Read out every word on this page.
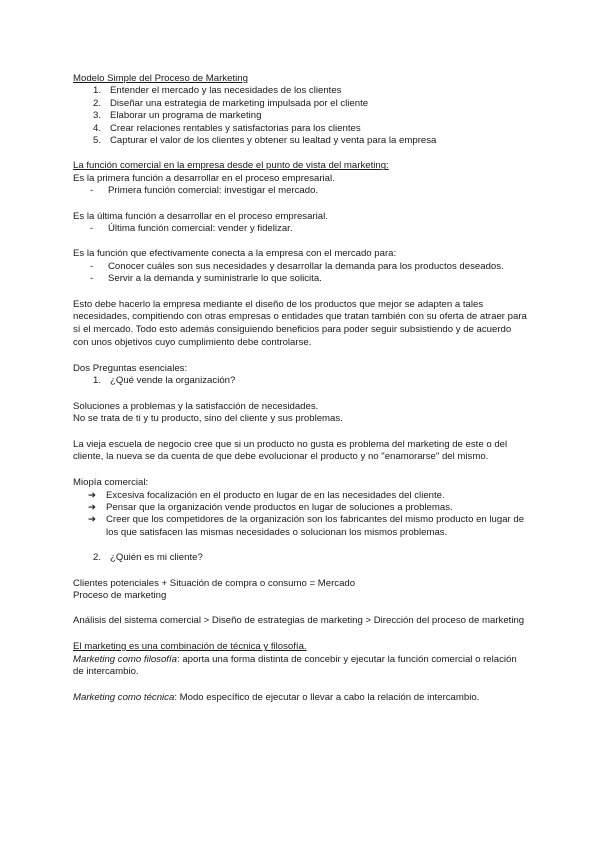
Modelo Simple del Proceso de Marketing
1. Entender el mercado y las necesidades de los clientes
2. Diseñar una estrategia de marketing impulsada por el cliente
3. Elaborar un programa de marketing
4. Crear relaciones rentables y satisfactorias para los clientes
5. Capturar el valor de los clientes y obtener su lealtad y venta para la empresa
La función comercial en la empresa desde el punto de vista del marketing:
Es la primera función a desarrollar en el proceso empresarial.
-	Primera función comercial: investigar el mercado.
Es la última función a desarrollar en el proceso empresarial.
-	Última función comercial: vender y fidelizar.
Es la función que efectivamente conecta a la empresa con el mercado para:
-	Conocer cuáles son sus necesidades y desarrollar la demanda para los productos deseados.
-	Servir a la demanda y suministrarle lo que solicita.
Esto debe hacerlo la empresa mediante el diseño de los productos que mejor se adapten a tales necesidades, compitiendo con otras empresas o entidades que tratan también con su oferta de atraer para sí el mercado. Todo esto además consiguiendo beneficios para poder seguir subsistiendo y de acuerdo con unos objetivos cuyo cumplimiento debe controlarse.
Dos Preguntas esenciales:
1. ¿Qué vende la organización?
Soluciones a problemas y la satisfacción de necesidades.
No se trata de ti y tu producto, sino del cliente y sus problemas.
La vieja escuela de negocio cree que si un producto no gusta es problema del marketing de este o del cliente, la nueva se da cuenta de que debe evolucionar el producto y no "enamorarse" del mismo.
Miopía comercial:
➔	Excesiva focalización en el producto en lugar de en las necesidades del cliente.
➔	Pensar que la organización vende productos en lugar de soluciones a problemas.
➔	Creer que los competidores de la organización son los fabricantes del mismo producto en lugar de los que satisfacen las mismas necesidades o solucionan los mismos problemas.
2. ¿Quién es mi cliente?
Clientes potenciales + Situación de compra o consumo = Mercado
Proceso de marketing
Análisis del sistema comercial > Diseño de estrategias de marketing > Dirección del proceso de marketing
El marketing es una combinación de técnica y filosofía.
Marketing como filosofía: aporta una forma distinta de concebir y ejecutar la función comercial o relación de intercambio.
Marketing como técnica: Modo específico de ejecutar o llevar a cabo la relación de intercambio.
